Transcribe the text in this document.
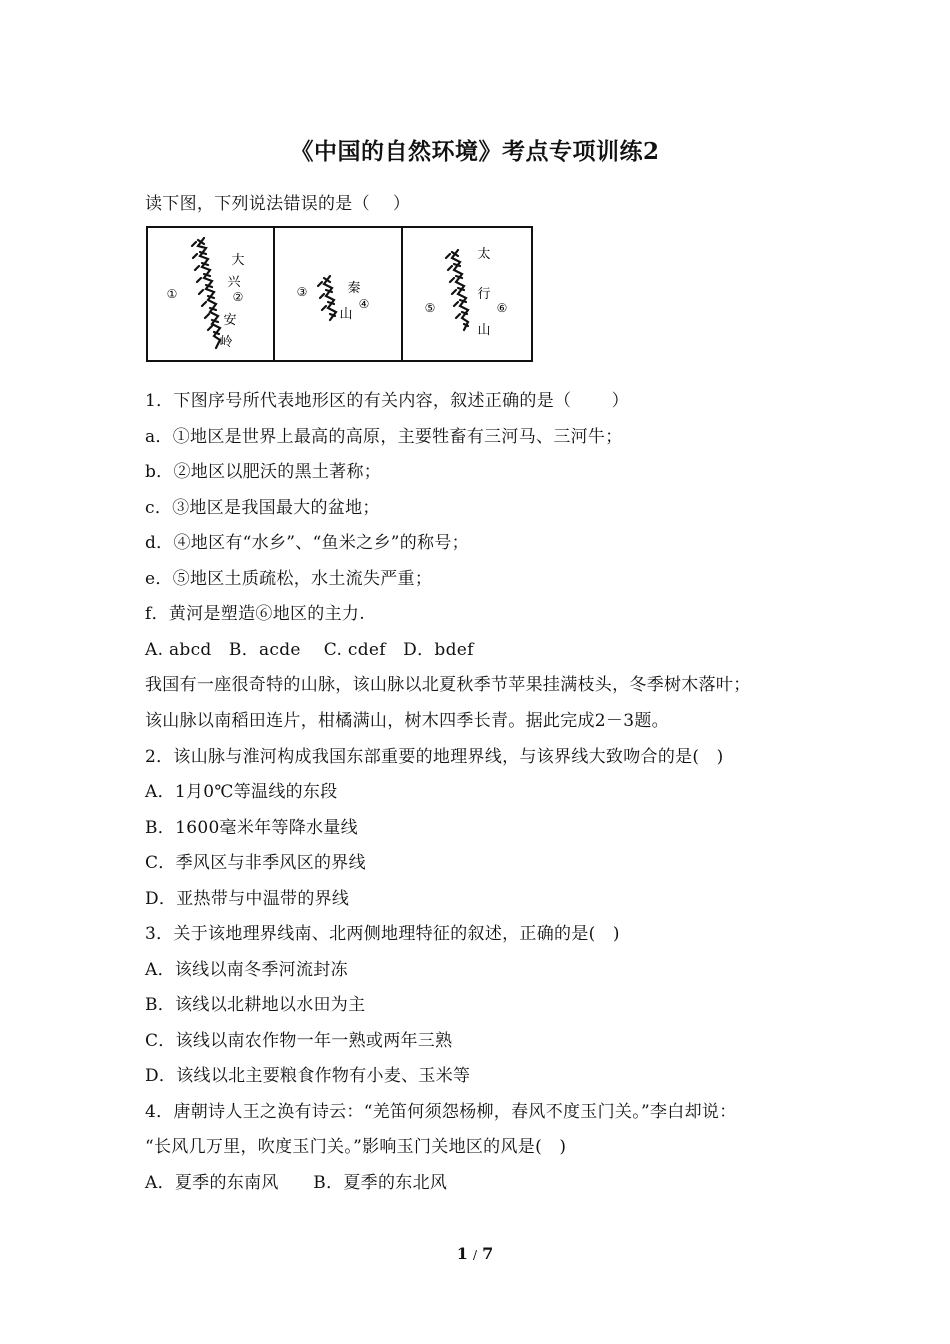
《中国的自然环境》考点专项训练2
读下图，下列说法错误的是（　 ）
①	②
大
兴
安
岭
③
④
秦
山	⑤	⑥
太
行
山
1．下图序号所代表地形区的有关内容，叙述正确的是（　　 ）
a．①地区是世界上最高的高原，主要牲畜有三河马、三河牛；
b．②地区以肥沃的黑土著称；
c．③地区是我国最大的盆地；
d．④地区有“水乡”、“鱼米之乡”的称号；
e．⑤地区土质疏松，水土流失严重；
f．黄河是塑造⑥地区的主力.
A. abcd　B．acde　 C. cdef　D．bdef
我国有一座很奇特的山脉，该山脉以北夏秋季节苹果挂满枝头，冬季树木落叶；
该山脉以南稻田连片，柑橘满山，树木四季长青。据此完成2－3题。
2．该山脉与淮河构成我国东部重要的地理界线，与该界线大致吻合的是(　)
A．1月0℃等温线的东段
B．1600毫米年等降水量线
C．季风区与非季风区的界线
D．亚热带与中温带的界线
3．关于该地理界线南、北两侧地理特征的叙述，正确的是(　)
A．该线以南冬季河流封冻
B．该线以北耕地以水田为主
C．该线以南农作物一年一熟或两年三熟
D．该线以北主要粮食作物有小麦、玉米等
4．唐朝诗人王之涣有诗云：“羌笛何须怨杨柳，春风不度玉门关。”李白却说：
“长风几万里，吹度玉门关。”影响玉门关地区的风是(　)
A．夏季的东南风　　B．夏季的东北风
1 / 7
